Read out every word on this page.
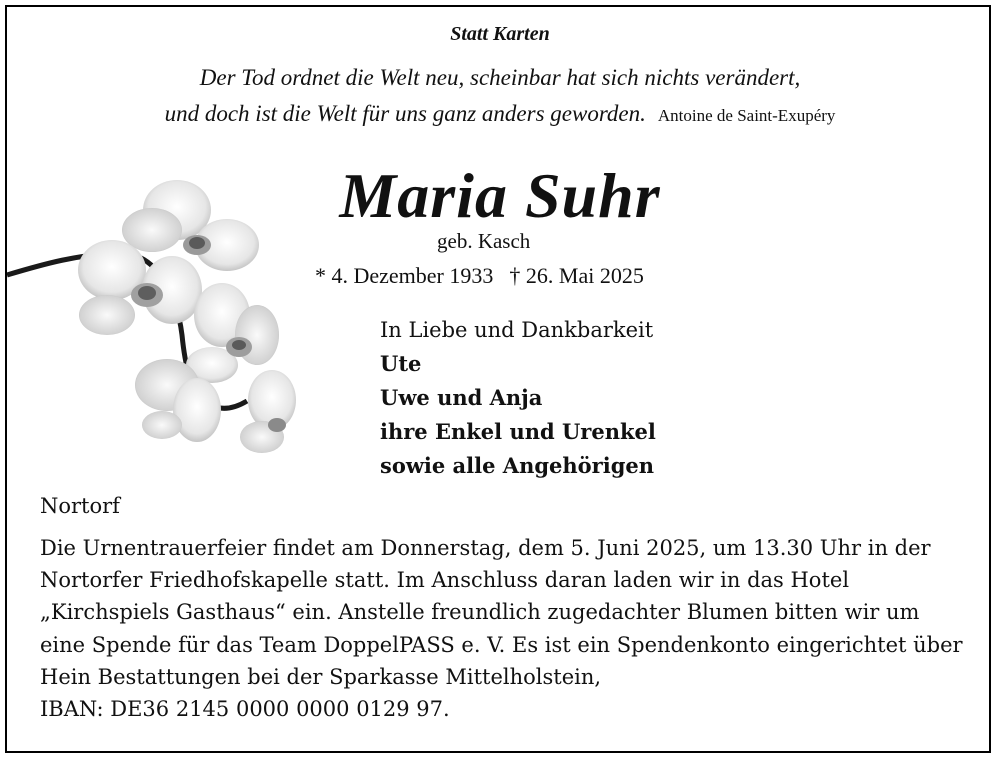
Statt Karten
Der Tod ordnet die Welt neu, scheinbar hat sich nichts verändert,
und doch ist die Welt für uns ganz anders geworden. Antoine de Saint-Exupéry
Maria Suhr
geb. Kasch
* 4. Dezember 1933 † 26. Mai 2025
In Liebe und Dankbarkeit
Ute
Uwe und Anja
ihre Enkel und Urenkel
sowie alle Angehörigen
Nortorf
Die Urnentrauerfeier findet am Donnerstag, dem 5. Juni 2025, um 13.30 Uhr in der
Nortorfer Friedhofskapelle statt. Im Anschluss daran laden wir in das Hotel
„Kirchspiels Gasthaus“ ein. Anstelle freundlich zugedachter Blumen bitten wir um
eine Spende für das Team DoppelPASS e. V. Es ist ein Spendenkonto eingerichtet über
Hein Bestattungen bei der Sparkasse Mittelholstein,
IBAN: DE36 2145 0000 0000 0129 97.
